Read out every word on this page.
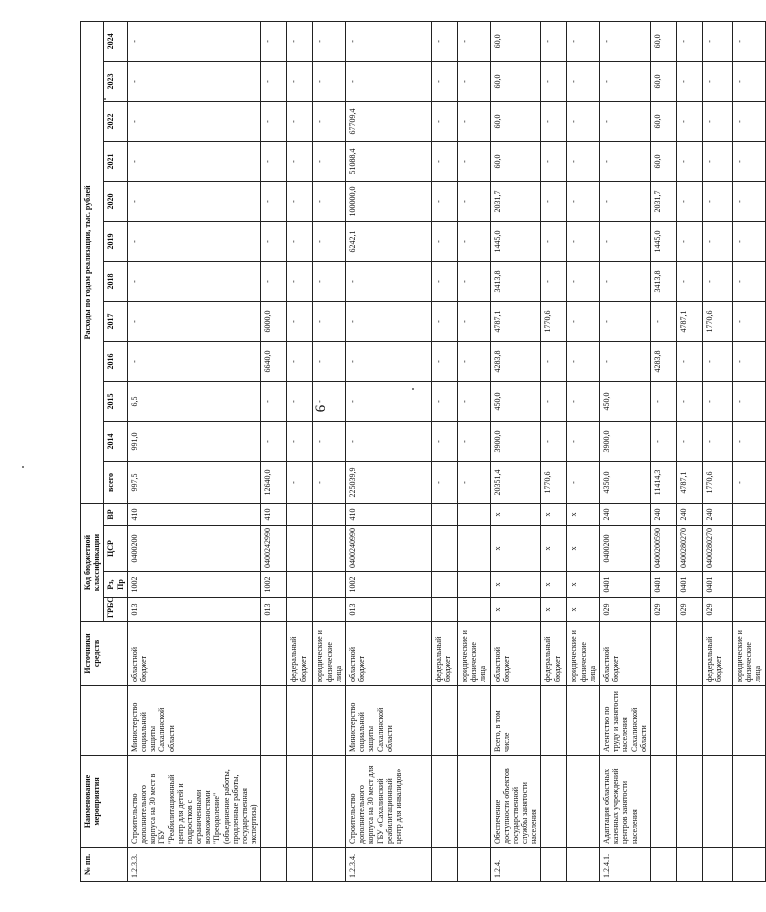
9
№ пп.	Наименование мероприятия		Источники средств	Код бюджетной классификации				Расходы по годам реализации, тыс. рублей											
				ГРБС	Рз, Пр	ЦСР	ВР	всего	2014	2015	2016	2017	2018	2019	2020	2021	2022	2023	2024
1.2.3.3.	Строительство дополнительного корпуса на 30 мест в ГБУ "Реабилитационный центр для детей и подростков с ограниченными возможностями "Преодоление" (объединение работы, продленные работы, государственная экспертиза)	Министерство социальной защиты Сахалинской области	областной бюджет	013	1002	0400200	410	997,5	991,0	6,5	-	-	-	-	-	-	-	-	-
				013	1002	0400242990	410	12640,0	-	-	6640,0	6000,0	-	-	-	-	-	-	-
			федеральный бюджет					-	-	-	-	-	-	-	-	-	-	-	-
			юридические и физические лица					-	-	-	-	-	-	-	-	-	-	-	-
1.2.3.4.	Строительство дополнительного корпуса на 30 мест для ГБУ «Сахалинский реабилитационный центр для инвалидов»	Министерство социальной защиты Сахалинской области	областной бюджет	013	1002	0400240990	410	225039,9	-	-	-	-	-	6242,1	100000,0	51088,4	67709,4	-	-
			федеральный бюджет					-	-	-	-	-	-	-	-	-	-	-	-
			юридические и физические лица					-	-	-	-	-	-	-	-	-	-	-	-
1.2.4.	Обеспечение доступности объектов государственной службы занятости населения	Всего, в том числе	областной бюджет	х	х	х	х	20351,4	3900,0	450,0	4283,8	4787,1	3413,8	1445,0	2031,7	60,0	60,0	60,0	60,0
			федеральный бюджет	х	х	х	х	1770,6	-	-	-	1770,6	-	-	-	-	-	-	-
			юридические и физические лица	х	х	х	х	-	-	-	-	-	-	-	-	-	-	-	-
1.2.4.1.	Адаптация областных казенных учреждений центров занятости населения	Агентство по труду и занятости населения Сахалинской области	областной бюджет	029	0401	0400200	240	4350,0	3900,0	450,0	-	-	-	-	-	-	-	-	-
				029	0401	0400200590	240	11414,3	-	-	4283,8	-	3413,8	1445,0	2031,7	60,0	60,0	60,0	60,0
				029	0401	0400280270	240	4787,1	-	-	-	4787,1	-	-	-	-	-	-	-
			федеральный бюджет	029	0401	0400280270	240	1770,6	-	-	-	1770,6	-	-	-	-	-	-	-
			юридические и физические лица					-	-	-	-	-	-	-	-	-	-	-	-
